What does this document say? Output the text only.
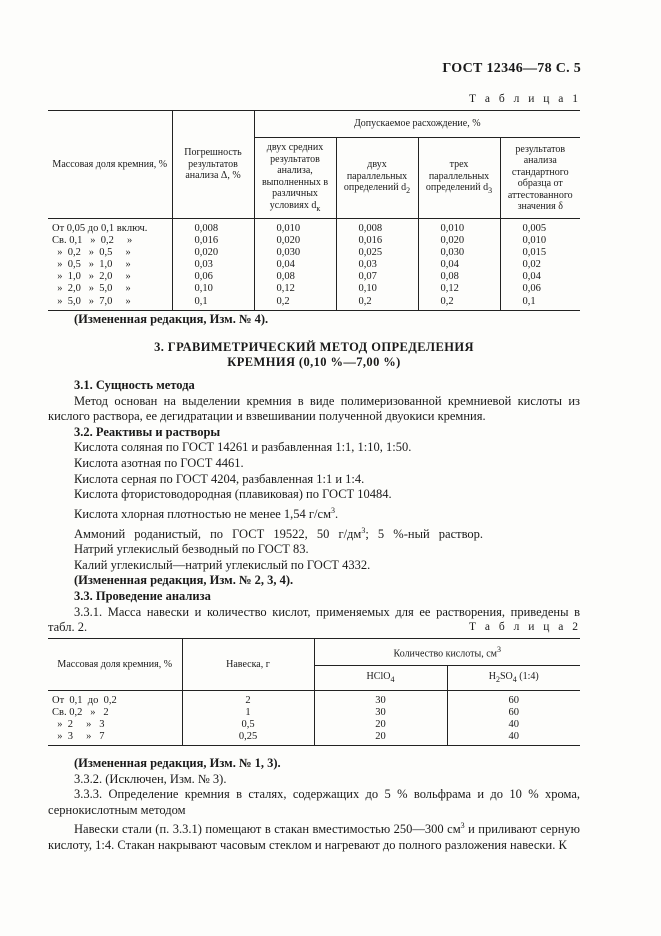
ГОСТ 12346—78 С. 5
Т а б л и ц а 1
Массовая доля кремния, %	Погрешность результатов анализа Δ, %	Допускаемое расхождение, %			
		двух средних результатов анализа, выполненных в различных условиях $d_к$	двух параллельных определений $d_2$	трех параллельных определений $d_3$	результатов анализа стандартного образца от аттестованного значения δ
От 0,05 до 0,1 включ.	0,008	0,010	0,008	0,010	0,005
Св. 0,1   »  0,2     »	0,016	0,020	0,016	0,020	0,010
»  0,2   »  0,5     »	0,020	0,030	0,025	0,030	0,015
»  0,5   »  1,0     »	0,03	0,04	0,03	0,04	0,02
»  1,0   »  2,0     »	0,06	0,08	0,07	0,08	0,04
»  2,0   »  5,0     »	0,10	0,12	0,10	0,12	0,06
»  5,0   »  7,0     »	0,1	0,2	0,2	0,2	0,1

(Измененная редакция, Изм. № 4).

3. ГРАВИМЕТРИЧЕСКИЙ МЕТОД ОПРЕДЕЛЕНИЯ

КРЕМНИЯ (0,10 %—7,00 %)

3.1. Сущность метода

Метод основан на выделении кремния в виде полимеризованной кремниевой кислоты из кислого раствора, ее дегидратации и взвешивании полученной двуокиси кремния.

3.2. Реактивы и растворы

Кислота соляная по ГОСТ 14261 и разбавленная 1:1, 1:10, 1:50.

Кислота азотная по ГОСТ 4461.

Кислота серная по ГОСТ 4204, разбавленная 1:1 и 1:4.

Кислота фтористоводородная (плавиковая) по ГОСТ 10484.

Кислота хлорная плотностью не менее 1,54 $г/см^3$.

Аммоний роданистый, по ГОСТ 19522, 50 $г/дм^3$; 5 %-ный раствор.

Натрий углекислый безводный по ГОСТ 83.

Калий углекислый—натрий углекислый по ГОСТ 4332.

(Измененная редакция, Изм. № 2, 3, 4).

3.3. Проведение анализа

3.3.1. Масса навески и количество кислот, применяемых для ее растворения, приведены в табл. 2.	Т а б л и ц а 2
Массовая доля кремния, %	Навеска, г	Количество кислоты, $см^3$
		HClO$_4$	$H_2SO_4$ (1:4)
От  0,1  до  0,2	2	30	60
Св. 0,2   »   2	1	30	60
»  2     »   3	0,5	20	40
»  3     »   7	0,25	20	40

(Измененная редакция, Изм. № 1, 3).

3.3.2. (Исключен, Изм. № 3).

3.3.3. Определение кремния в сталях, содержащих до 5 % вольфрама и до 10 % хрома, сернокислотным методом

Навески стали (п. 3.3.1) помещают в стакан вместимостью 250—300 $см^3$ и приливают серную кислоту, 1:4. Стакан накрывают часовым стеклом и нагревают до полного разложения навески. К
